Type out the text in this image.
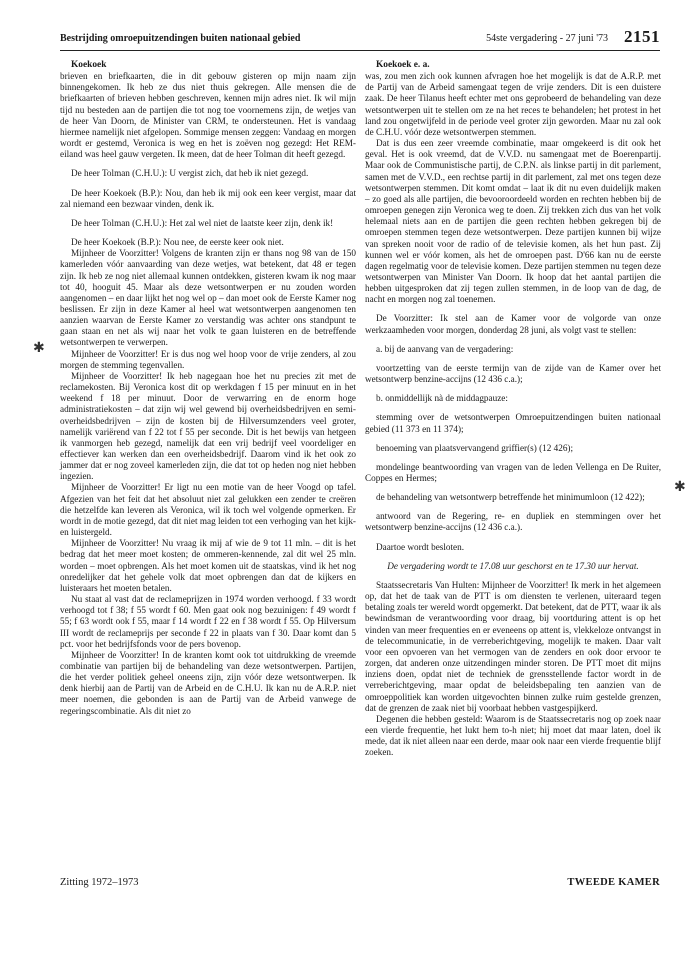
Bestrijding omroepuitzendingen buiten nationaal gebied	54ste vergadering - 27 juni '73 2151

Koekoek

brieven en briefkaarten, die in dit gebouw gisteren op mijn naam zijn binnengekomen. Ik heb ze dus niet thuis gekregen. Alle mensen die de briefkaarten of brieven hebben geschreven, kennen mijn adres niet. Ik wil mijn tijd nu besteden aan de partijen die tot nog toe voornemens zijn, de wetjes van de heer Van Doorn, de Minister van CRM, te ondersteunen. Het is vandaag hiermee namelijk niet afgelopen. Sommige mensen zeggen: Vandaag en morgen wordt er gestemd, Veronica is weg en het is zoëven nog gezegd: Het REM-eiland was heel gauw vergeten. Ik meen, dat de heer Tolman dit heeft gezegd.

De heer Tolman (C.H.U.): U vergist zich, dat heb ik niet gezegd.

De heer Koekoek (B.P.): Nou, dan heb ik mij ook een keer vergist, maar dat zal niemand een bezwaar vinden, denk ik.

De heer Tolman (C.H.U.): Het zal wel niet de laatste keer zijn, denk ik!

De heer Koekoek (B.P.): Nou nee, de eerste keer ook niet.

Mijnheer de Voorzitter! Volgens de kranten zijn er thans nog 98 van de 150 kamerleden vóór aanvaarding van deze wetjes, wat betekent, dat 48 er tegen zijn. Ik heb ze nog niet allemaal kunnen ontdekken, gisteren kwam ik nog maar tot 40, hooguit 45. Maar als deze wetsontwerpen er nu zouden worden aangenomen – en daar lijkt het nog wel op – dan moet ook de Eerste Kamer nog beslissen. Er zijn in deze Kamer al heel wat wetsontwerpen aangenomen ten aanzien waarvan de Eerste Kamer zo verstandig was achter ons standpunt te gaan staan en net als wij naar het volk te gaan luisteren en de betreffende wetsontwerpen te verwerpen.

Mijnheer de Voorzitter! Er is dus nog wel hoop voor de vrije zenders, al zou morgen de stemming tegenvallen.

Mijnheer de Voorzitter! Ik heb nagegaan hoe het nu precies zit met de reclamekosten. Bij Veronica kost dit op werkdagen f 15 per minuut en in het weekend f 18 per minuut. Door de verwarring en de enorm hoge administratiekosten – dat zijn wij wel gewend bij overheidsbedrijven en semi-overheidsbedrijven – zijn de kosten bij de Hilversumzenders veel groter, namelijk variërend van f 22 tot f 55 per seconde. Dit is het bewijs van hetgeen ik vanmorgen heb gezegd, namelijk dat een vrij bedrijf veel voordeliger en effectiever kan werken dan een overheidsbedrijf. Daarom vind ik het ook zo jammer dat er nog zoveel kamerleden zijn, die dat tot op heden nog niet hebben ingezien.

Mijnheer de Voorzitter! Er ligt nu een motie van de heer Voogd op tafel. Afgezien van het feit dat het absoluut niet zal gelukken een zender te creëren die hetzelfde kan leveren als Veronica, wil ik toch wel volgende opmerken. Er wordt in de motie gezegd, dat dit niet mag leiden tot een verhoging van het kijk- en luistergeld.

Mijnheer de Voorzitter! Nu vraag ik mij af wie de 9 tot 11 mln. – dit is het bedrag dat het meer moet kosten; de ommeren-kennende, zal dit wel 25 mln. worden – moet opbrengen. Als het moet komen uit de staatskas, vind ik het nog onredelijker dat het gehele volk dat moet opbrengen dan dat de kijkers en luisteraars het moeten betalen.

Nu staat al vast dat de reclameprijzen in 1974 worden verhoogd. f 33 wordt verhoogd tot f 38; f 55 wordt f 60. Men gaat ook nog bezuinigen: f 49 wordt f 55; f 63 wordt ook f 55, maar f 14 wordt f 22 en f 38 wordt f 55. Op Hilversum III wordt de reclameprijs per seconde f 22 in plaats van f 30. Daar komt dan 5 pct. voor het bedrijfsfonds voor de pers bovenop.

Mijnheer de Voorzitter! In de kranten komt ook tot uitdrukking de vreemde combinatie van partijen bij de behandeling van deze wetsontwerpen. Partijen, die het verder politiek geheel oneens zijn, zijn vóór deze wetsontwerpen. Ik denk hierbij aan de Partij van de Arbeid en de C.H.U. Ik kan nu de A.R.P. niet meer noemen, die gebonden is aan de Partij van de Arbeid vanwege de regeringscombinatie. Als dit niet zo

Koekoek e. a.

was, zou men zich ook kunnen afvragen hoe het mogelijk is dat de A.R.P. met de Partij van de Arbeid samengaat tegen de vrije zenders. Dit is een duistere zaak. De heer Tilanus heeft echter met ons geprobeerd de behandeling van deze wetsontwerpen uit te stellen om ze na het reces te behandelen; het protest in het land zou ongetwijfeld in de periode veel groter zijn geworden. Maar nu zal ook de C.H.U. vóór deze wetsontwerpen stemmen.

Dat is dus een zeer vreemde combinatie, maar omgekeerd is dit ook het geval. Het is ook vreemd, dat de V.V.D. nu samengaat met de Boerenpartij. Maar ook de Communistische partij, de C.P.N. als linkse partij in dit parlement, samen met de V.V.D., een rechtse partij in dit parlement, zal met ons tegen deze wetsontwerpen stemmen. Dit komt omdat – laat ik dit nu even duidelijk maken – zo goed als alle partijen, die bevooroordeeld worden en rechten hebben bij de omroepen genegen zijn Veronica weg te doen. Zij trekken zich dus van het volk helemaal niets aan en de partijen die geen rechten hebben gekregen bij de omroepen stemmen tegen deze wetsontwerpen. Deze partijen kunnen bij wijze van spreken nooit voor de radio of de televisie komen, als het hun past. Zij kunnen wel er vóór komen, als het de omroepen past. D'66 kan nu de eerste dagen regelmatig voor de televisie komen. Deze partijen stemmen nu tegen deze wetsontwerpen van Minister Van Doorn. Ik hoop dat het aantal partijen die hebben uitgesproken dat zij tegen zullen stemmen, in de loop van de dag, de nacht en morgen nog zal toenemen.

De Voorzitter: Ik stel aan de Kamer voor de volgorde van onze werkzaamheden voor morgen, donderdag 28 juni, als volgt vast te stellen:

a. bij de aanvang van de vergadering:

voortzetting van de eerste termijn van de zijde van de Kamer over het wetsontwerp benzine-accijns (12 436 c.a.);

b. onmiddellijk nà de middagpauze:

stemming over de wetsontwerpen Omroepuitzendingen buiten nationaal gebied (11 373 en 11 374);

benoeming van plaatsvervangend griffier(s) (12 426);

mondelinge beantwoording van vragen van de leden Vellenga en De Ruiter, Coppes en Hermes;

de behandeling van wetsontwerp betreffende het minimumloon (12 422);

antwoord van de Regering, re- en dupliek en stemmingen over het wetsontwerp benzine-accijns (12 436 c.a.).

Daartoe wordt besloten.

De vergadering wordt te 17.08 uur geschorst en te 17.30 uur hervat.

Staatssecretaris Van Hulten: Mijnheer de Voorzitter! Ik merk in het algemeen op, dat het de taak van de PTT is om diensten te verlenen, uiteraard tegen betaling zoals ter wereld wordt opgemerkt. Dat betekent, dat de PTT, waar ik als bewindsman de verantwoording voor draag, bij voortduring attent is op het vinden van meer frequenties en er eveneens op attent is, vlekkeloze ontvangst in de telecommunicatie, in de verreberichtgeving, mogelijk te maken. Daar valt voor een opvoeren van het vermogen van de zenders en ook door ervoor te zorgen, dat anderen onze uitzendingen minder storen. De PTT moet dit mijns inziens doen, opdat niet de techniek de grensstellende factor wordt in de verreberichtgeving, maar opdat de beleidsbepaling ten aanzien van de omroeppolitiek kan worden uitgevochten binnen zulke ruim gestelde grenzen, dat de grenzen de zaak niet bij voorbaat hebben vastgespijkerd.

Degenen die hebben gesteld: Waarom is de Staatssecretaris nog op zoek naar een vierde frequentie, het lukt hem to-h niet; hij moet dat maar laten, doel ik mede, dat ik niet alleen naar een derde, maar ook naar een vierde frequentie blijf zoeken.

✱
✱
Zitting 1972–1973	TWEEDE KAMER
